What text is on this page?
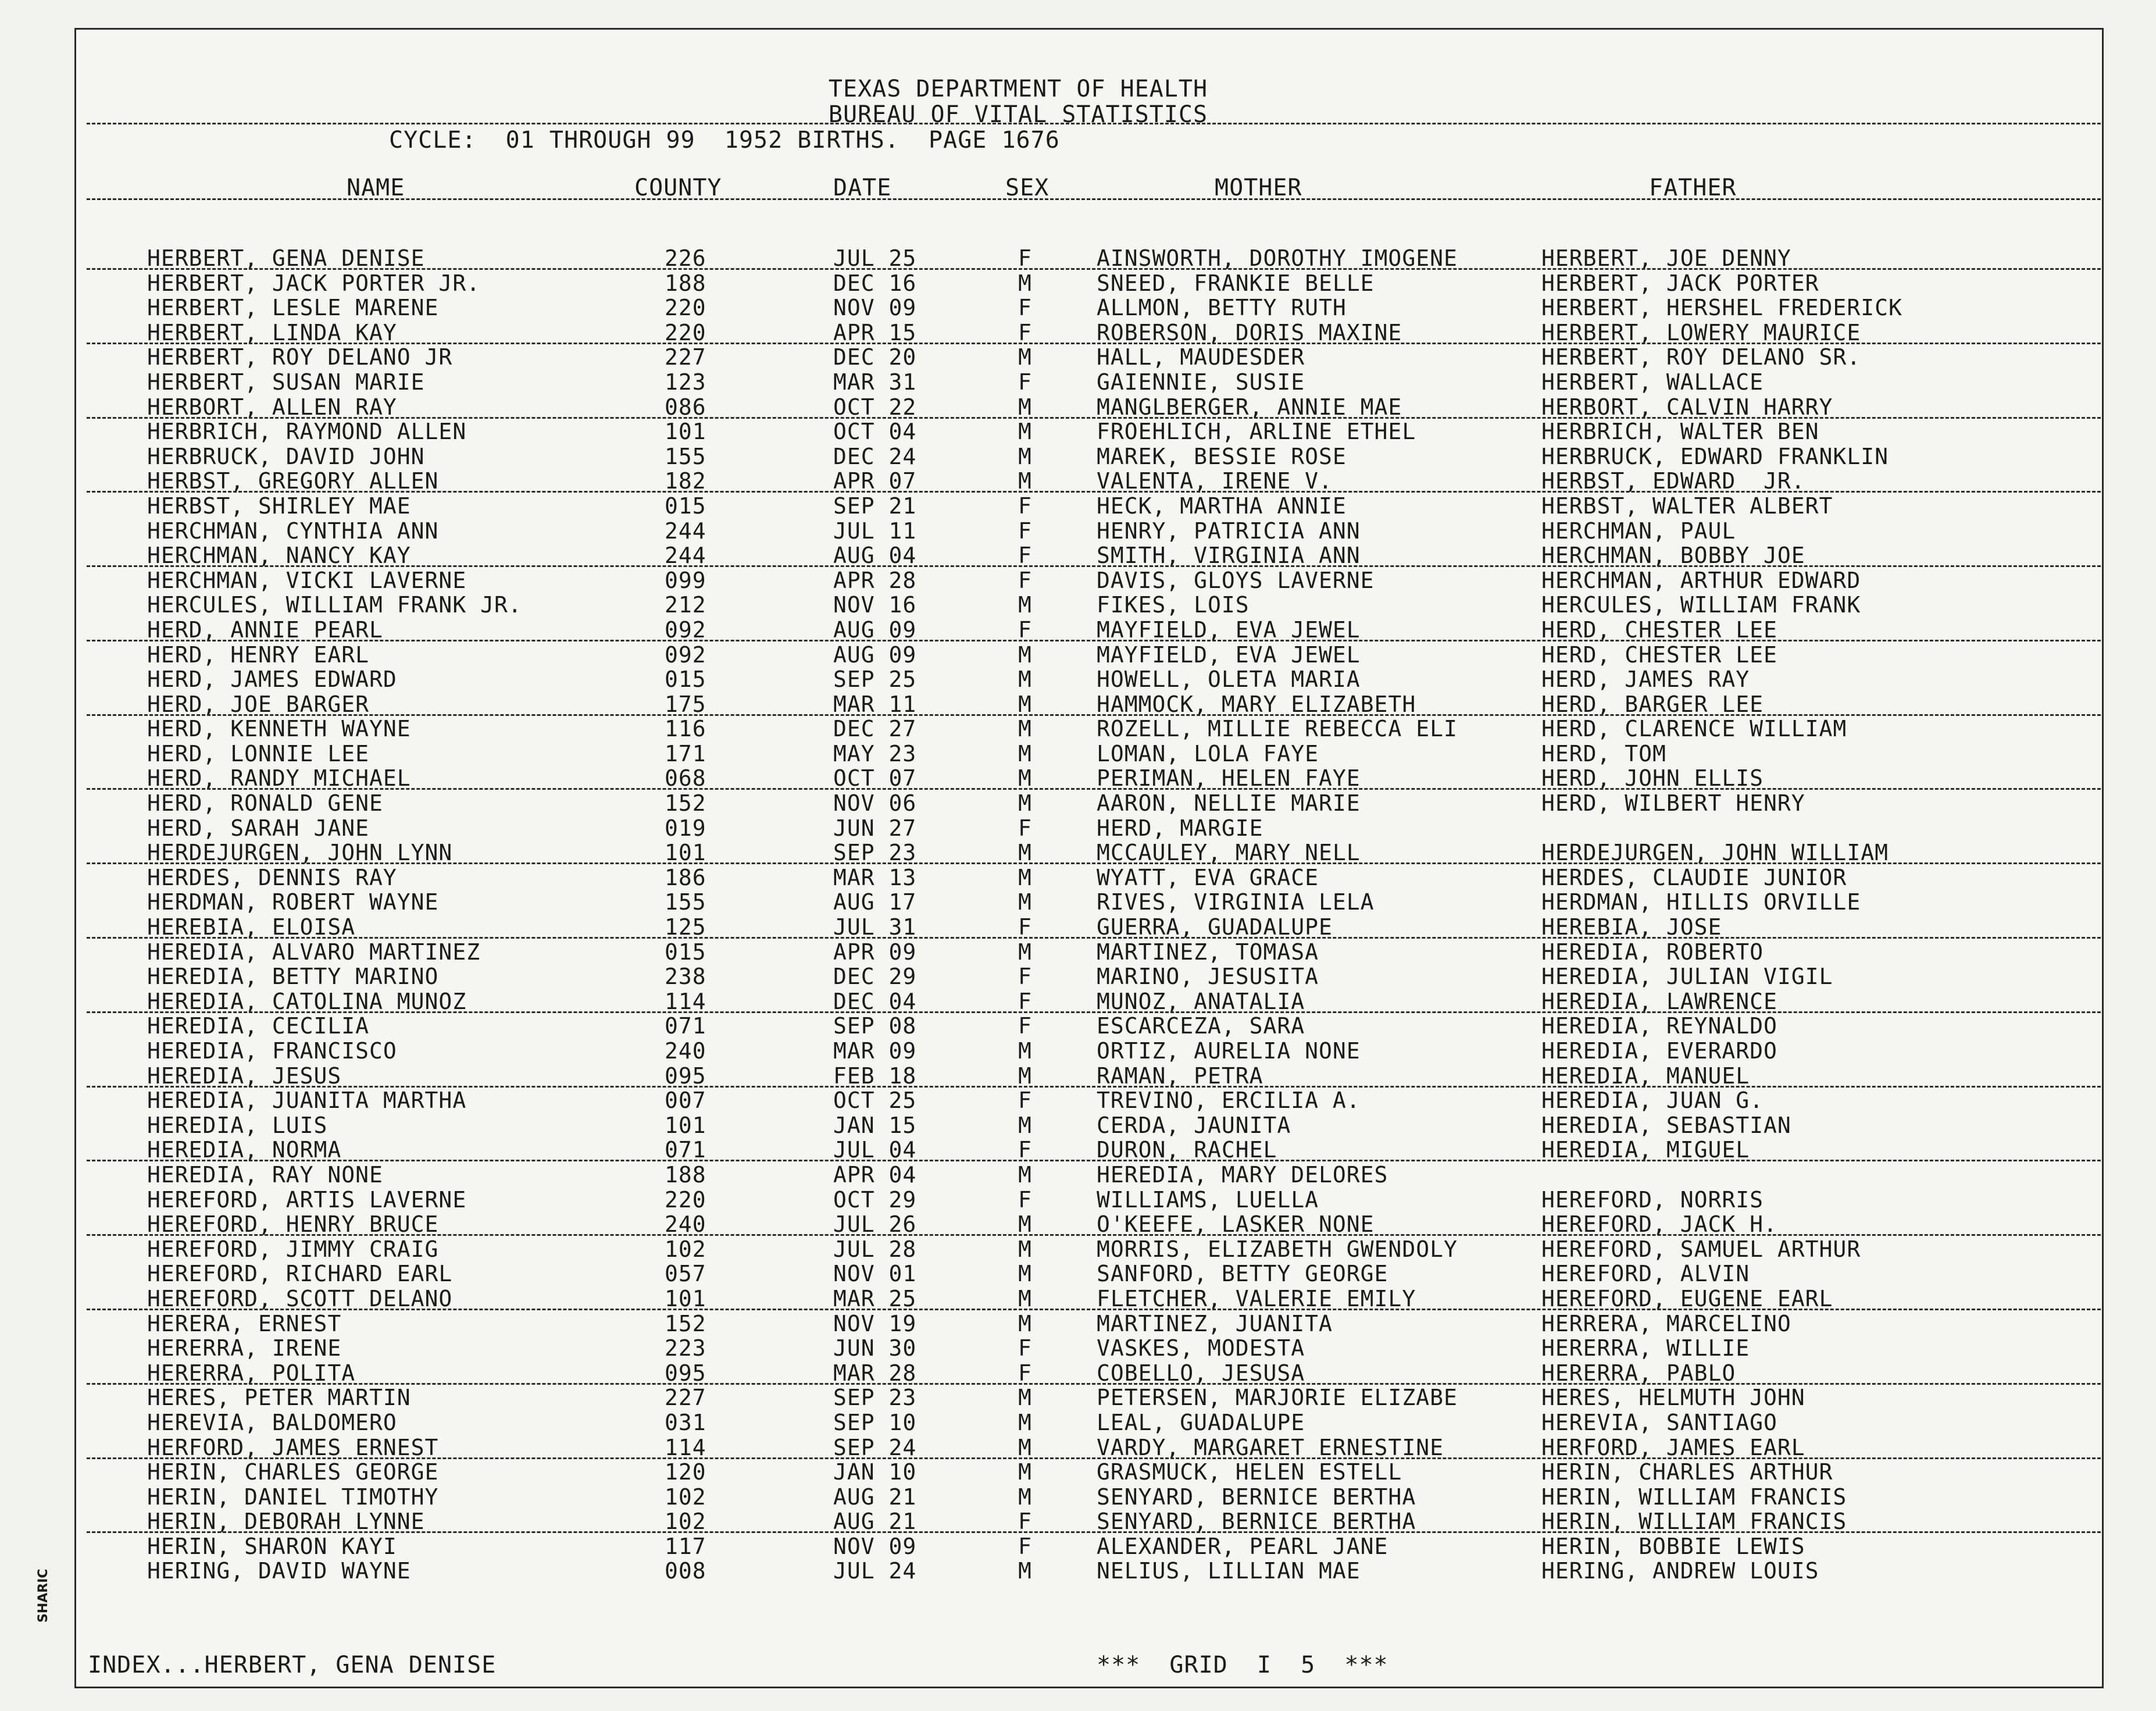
TEXAS DEPARTMENT OF HEALTH
BUREAU OF VITAL STATISTICS
CYCLE:  01 THROUGH 99  1952 BIRTHS.  PAGE 1676
NAME	COUNTY	DATE	SEX	MOTHER	FATHER
HERBERT, GENA DENISE	226	JUL 25	F	AINSWORTH, DOROTHY IMOGENE	HERBERT, JOE DENNY
HERBERT, JACK PORTER JR.	188	DEC 16	M	SNEED, FRANKIE BELLE	HERBERT, JACK PORTER
HERBERT, LESLE MARENE	220	NOV 09	F	ALLMON, BETTY RUTH	HERBERT, HERSHEL FREDERICK
HERBERT, LINDA KAY	220	APR 15	F	ROBERSON, DORIS MAXINE	HERBERT, LOWERY MAURICE
HERBERT, ROY DELANO JR	227	DEC 20	M	HALL, MAUDESDER	HERBERT, ROY DELANO SR.
HERBERT, SUSAN MARIE	123	MAR 31	F	GAIENNIE, SUSIE	HERBERT, WALLACE
HERBORT, ALLEN RAY	086	OCT 22	M	MANGLBERGER, ANNIE MAE	HERBORT, CALVIN HARRY
HERBRICH, RAYMOND ALLEN	101	OCT 04	M	FROEHLICH, ARLINE ETHEL	HERBRICH, WALTER BEN
HERBRUCK, DAVID JOHN	155	DEC 24	M	MAREK, BESSIE ROSE	HERBRUCK, EDWARD FRANKLIN
HERBST, GREGORY ALLEN	182	APR 07	M	VALENTA, IRENE V.	HERBST, EDWARD  JR.
HERBST, SHIRLEY MAE	015	SEP 21	F	HECK, MARTHA ANNIE	HERBST, WALTER ALBERT
HERCHMAN, CYNTHIA ANN	244	JUL 11	F	HENRY, PATRICIA ANN	HERCHMAN, PAUL
HERCHMAN, NANCY KAY	244	AUG 04	F	SMITH, VIRGINIA ANN	HERCHMAN, BOBBY JOE
HERCHMAN, VICKI LAVERNE	099	APR 28	F	DAVIS, GLOYS LAVERNE	HERCHMAN, ARTHUR EDWARD
HERCULES, WILLIAM FRANK JR.	212	NOV 16	M	FIKES, LOIS	HERCULES, WILLIAM FRANK
HERD, ANNIE PEARL	092	AUG 09	F	MAYFIELD, EVA JEWEL	HERD, CHESTER LEE
HERD, HENRY EARL	092	AUG 09	M	MAYFIELD, EVA JEWEL	HERD, CHESTER LEE
HERD, JAMES EDWARD	015	SEP 25	M	HOWELL, OLETA MARIA	HERD, JAMES RAY
HERD, JOE BARGER	175	MAR 11	M	HAMMOCK, MARY ELIZABETH	HERD, BARGER LEE
HERD, KENNETH WAYNE	116	DEC 27	M	ROZELL, MILLIE REBECCA ELI	HERD, CLARENCE WILLIAM
HERD, LONNIE LEE	171	MAY 23	M	LOMAN, LOLA FAYE	HERD, TOM
HERD, RANDY MICHAEL	068	OCT 07	M	PERIMAN, HELEN FAYE	HERD, JOHN ELLIS
HERD, RONALD GENE	152	NOV 06	M	AARON, NELLIE MARIE	HERD, WILBERT HENRY
HERD, SARAH JANE	019	JUN 27	F	HERD, MARGIE
HERDEJURGEN, JOHN LYNN	101	SEP 23	M	MCCAULEY, MARY NELL	HERDEJURGEN, JOHN WILLIAM
HERDES, DENNIS RAY	186	MAR 13	M	WYATT, EVA GRACE	HERDES, CLAUDIE JUNIOR
HERDMAN, ROBERT WAYNE	155	AUG 17	M	RIVES, VIRGINIA LELA	HERDMAN, HILLIS ORVILLE
HEREBIA, ELOISA	125	JUL 31	F	GUERRA, GUADALUPE	HEREBIA, JOSE
HEREDIA, ALVARO MARTINEZ	015	APR 09	M	MARTINEZ, TOMASA	HEREDIA, ROBERTO
HEREDIA, BETTY MARINO	238	DEC 29	F	MARINO, JESUSITA	HEREDIA, JULIAN VIGIL
HEREDIA, CATOLINA MUNOZ	114	DEC 04	F	MUNOZ, ANATALIA	HEREDIA, LAWRENCE
HEREDIA, CECILIA	071	SEP 08	F	ESCARCEZA, SARA	HEREDIA, REYNALDO
HEREDIA, FRANCISCO	240	MAR 09	M	ORTIZ, AURELIA NONE	HEREDIA, EVERARDO
HEREDIA, JESUS	095	FEB 18	M	RAMAN, PETRA	HEREDIA, MANUEL
HEREDIA, JUANITA MARTHA	007	OCT 25	F	TREVINO, ERCILIA A.	HEREDIA, JUAN G.
HEREDIA, LUIS	101	JAN 15	M	CERDA, JAUNITA	HEREDIA, SEBASTIAN
HEREDIA, NORMA	071	JUL 04	F	DURON, RACHEL	HEREDIA, MIGUEL
HEREDIA, RAY NONE	188	APR 04	M	HEREDIA, MARY DELORES
HEREFORD, ARTIS LAVERNE	220	OCT 29	F	WILLIAMS, LUELLA	HEREFORD, NORRIS
HEREFORD, HENRY BRUCE	240	JUL 26	M	O'KEEFE, LASKER NONE	HEREFORD, JACK H.
HEREFORD, JIMMY CRAIG	102	JUL 28	M	MORRIS, ELIZABETH GWENDOLY	HEREFORD, SAMUEL ARTHUR
HEREFORD, RICHARD EARL	057	NOV 01	M	SANFORD, BETTY GEORGE	HEREFORD, ALVIN
HEREFORD, SCOTT DELANO	101	MAR 25	M	FLETCHER, VALERIE EMILY	HEREFORD, EUGENE EARL
HERERA, ERNEST	152	NOV 19	M	MARTINEZ, JUANITA	HERRERA, MARCELINO
HERERRA, IRENE	223	JUN 30	F	VASKES, MODESTA	HERERRA, WILLIE
HERERRA, POLITA	095	MAR 28	F	COBELLO, JESUSA	HERERRA, PABLO
HERES, PETER MARTIN	227	SEP 23	M	PETERSEN, MARJORIE ELIZABE	HERES, HELMUTH JOHN
HEREVIA, BALDOMERO	031	SEP 10	M	LEAL, GUADALUPE	HEREVIA, SANTIAGO
HERFORD, JAMES ERNEST	114	SEP 24	M	VARDY, MARGARET ERNESTINE	HERFORD, JAMES EARL
HERIN, CHARLES GEORGE	120	JAN 10	M	GRASMUCK, HELEN ESTELL	HERIN, CHARLES ARTHUR
HERIN, DANIEL TIMOTHY	102	AUG 21	M	SENYARD, BERNICE BERTHA	HERIN, WILLIAM FRANCIS
HERIN, DEBORAH LYNNE	102	AUG 21	F	SENYARD, BERNICE BERTHA	HERIN, WILLIAM FRANCIS
HERIN, SHARON KAYI	117	NOV 09	F	ALEXANDER, PEARL JANE	HERIN, BOBBIE LEWIS
HERING, DAVID WAYNE	008	JUL 24	M	NELIUS, LILLIAN MAE	HERING, ANDREW LOUIS
INDEX...HERBERT, GENA DENISE	***  GRID  I  5  ***
SHARIC
